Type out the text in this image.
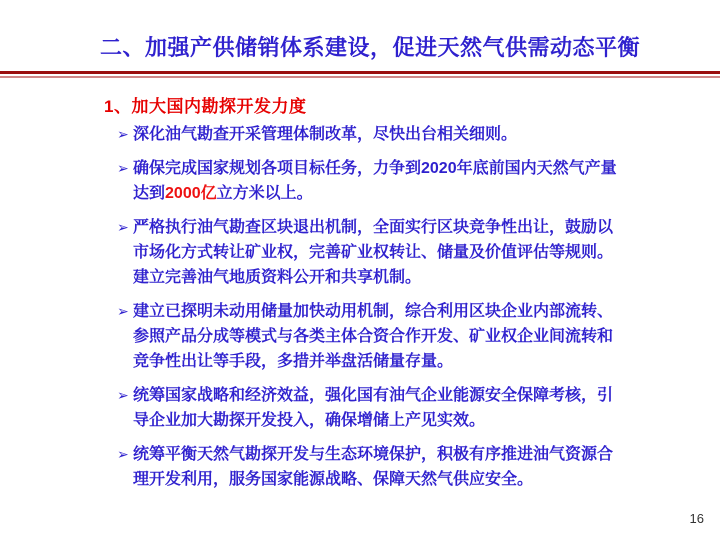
二、加强产供储销体系建设，促进天然气供需动态平衡
1、加大国内勘探开发力度
➢ 深化油气勘查开采管理体制改革，尽快出台相关细则。
➢ 确保完成国家规划各项目标任务，力争到2020年底前国内天然气产量达到2000亿立方米以上。
➢ 严格执行油气勘查区块退出机制，全面实行区块竞争性出让，鼓励以市场化方式转让矿业权，完善矿业权转让、储量及价值评估等规则。建立完善油气地质资料公开和共享机制。
➢ 建立已探明未动用储量加快动用机制，综合利用区块企业内部流转、参照产品分成等模式与各类主体合资合作开发、矿业权企业间流转和竞争性出让等手段，多措并举盘活储量存量。
➢ 统筹国家战略和经济效益，强化国有油气企业能源安全保障考核，引导企业加大勘探开发投入，确保增储上产见实效。
➢ 统筹平衡天然气勘探开发与生态环境保护，积极有序推进油气资源合理开发利用，服务国家能源战略、保障天然气供应安全。
16
